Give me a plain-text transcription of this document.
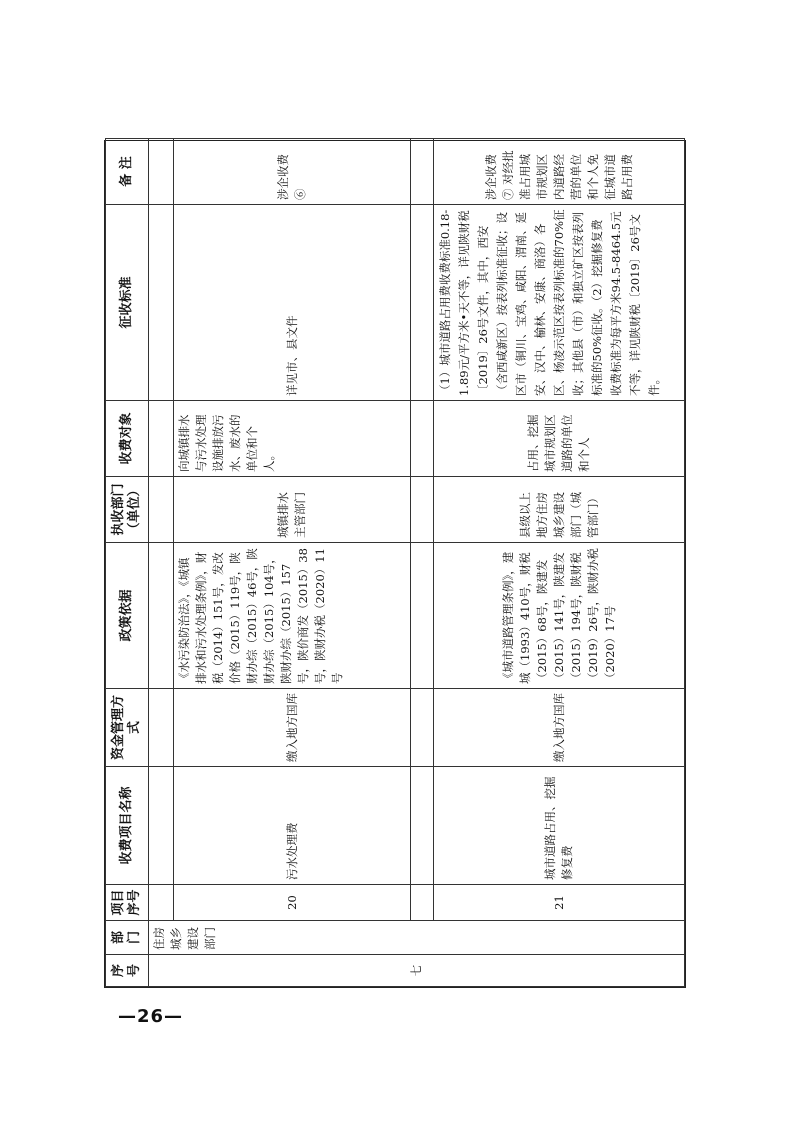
序号	部门	项目序号	收费项目名称	资金管理方式	政策依据	执收部门（单位）	收费对象	征收标准	备 注
七	住房城乡建设部门								
		20	污水处理费	缴入地方国库	《水污染防治法》，《城镇排水和污水处理条例》，财税（2014）151号，发改价格（2015）119号，陕财办综（2015）46号，陕财办综（2015）104号，陕财办综（2015）157号，陕价商发（2015）38号，陕财办税（2020）11号	城镇排水主管部门	向城镇排水与污水处理设施排放污水、废水的单位和个人。	详见市、县文件	涉企收费⑥

		21	城市道路占用、挖掘修复费	缴入地方国库	《城市道路管理条例》，建城（1993）410号，财税（2015）68号，陕建发（2015）141号，陕建发（2015）194号，陕财税（2019）26号，陕财办税（2020）17号	县级以上地方住房城乡建设部门（城管部门）	占用、挖掘城市规划区道路的单位和个人	（1）城市道路占用费收费标准0.18-1.89元/平方米•天不等，详见陕财税〔2019〕26号文件，其中，西安（含西咸新区）按表列标准征收；设区市（铜川、宝鸡、咸阳、渭南、延安、汉中、榆林、安康、商洛）各区、杨凌示范区按表列标准的70%征收；其他县（市）和独立矿区按表列标准的50%征收。（2）挖掘修复费收费标准为每平方米94.5-8464.5元不等，详见陕财税〔2019〕26号文件。	涉企收费⑦ 对经批准占用城市规划区内道路经营的单位和个人免征城市道路占用费
—26—
